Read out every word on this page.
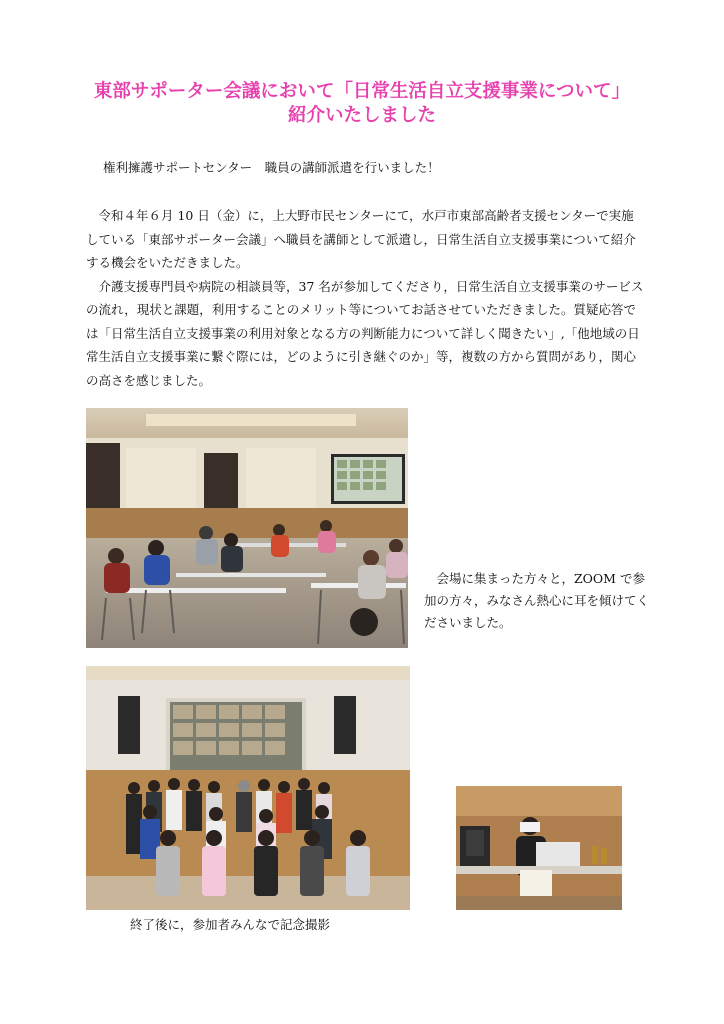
東部サポーター会議において「日常生活自立支援事業について」
紹介いたしました
権利擁護サポートセンター　職員の講師派遣を行いました！

令和４年６月 10 日（金）に，上大野市民センターにて，水戸市東部高齢者支援センターで実施している「東部サポーター会議」へ職員を講師として派遣し，日常生活自立支援事業について紹介する機会をいただきました。

介護支援専門員や病院の相談員等，37 名が参加してくださり，日常生活自立支援事業のサービスの流れ，現状と課題，利用することのメリット等についてお話させていただきました。質疑応答では「日常生活自立支援事業の利用対象となる方の判断能力について詳しく聞きたい」,「他地域の日常生活自立支援事業に繋ぐ際には，どのように引き継ぐのか」等，複数の方から質問があり，関心の高さを感じました。

会場に集まった方々と，ZOOM で参加の方々，みなさん熱心に耳を傾けてくださいました。
終了後に，参加者みんなで記念撮影
